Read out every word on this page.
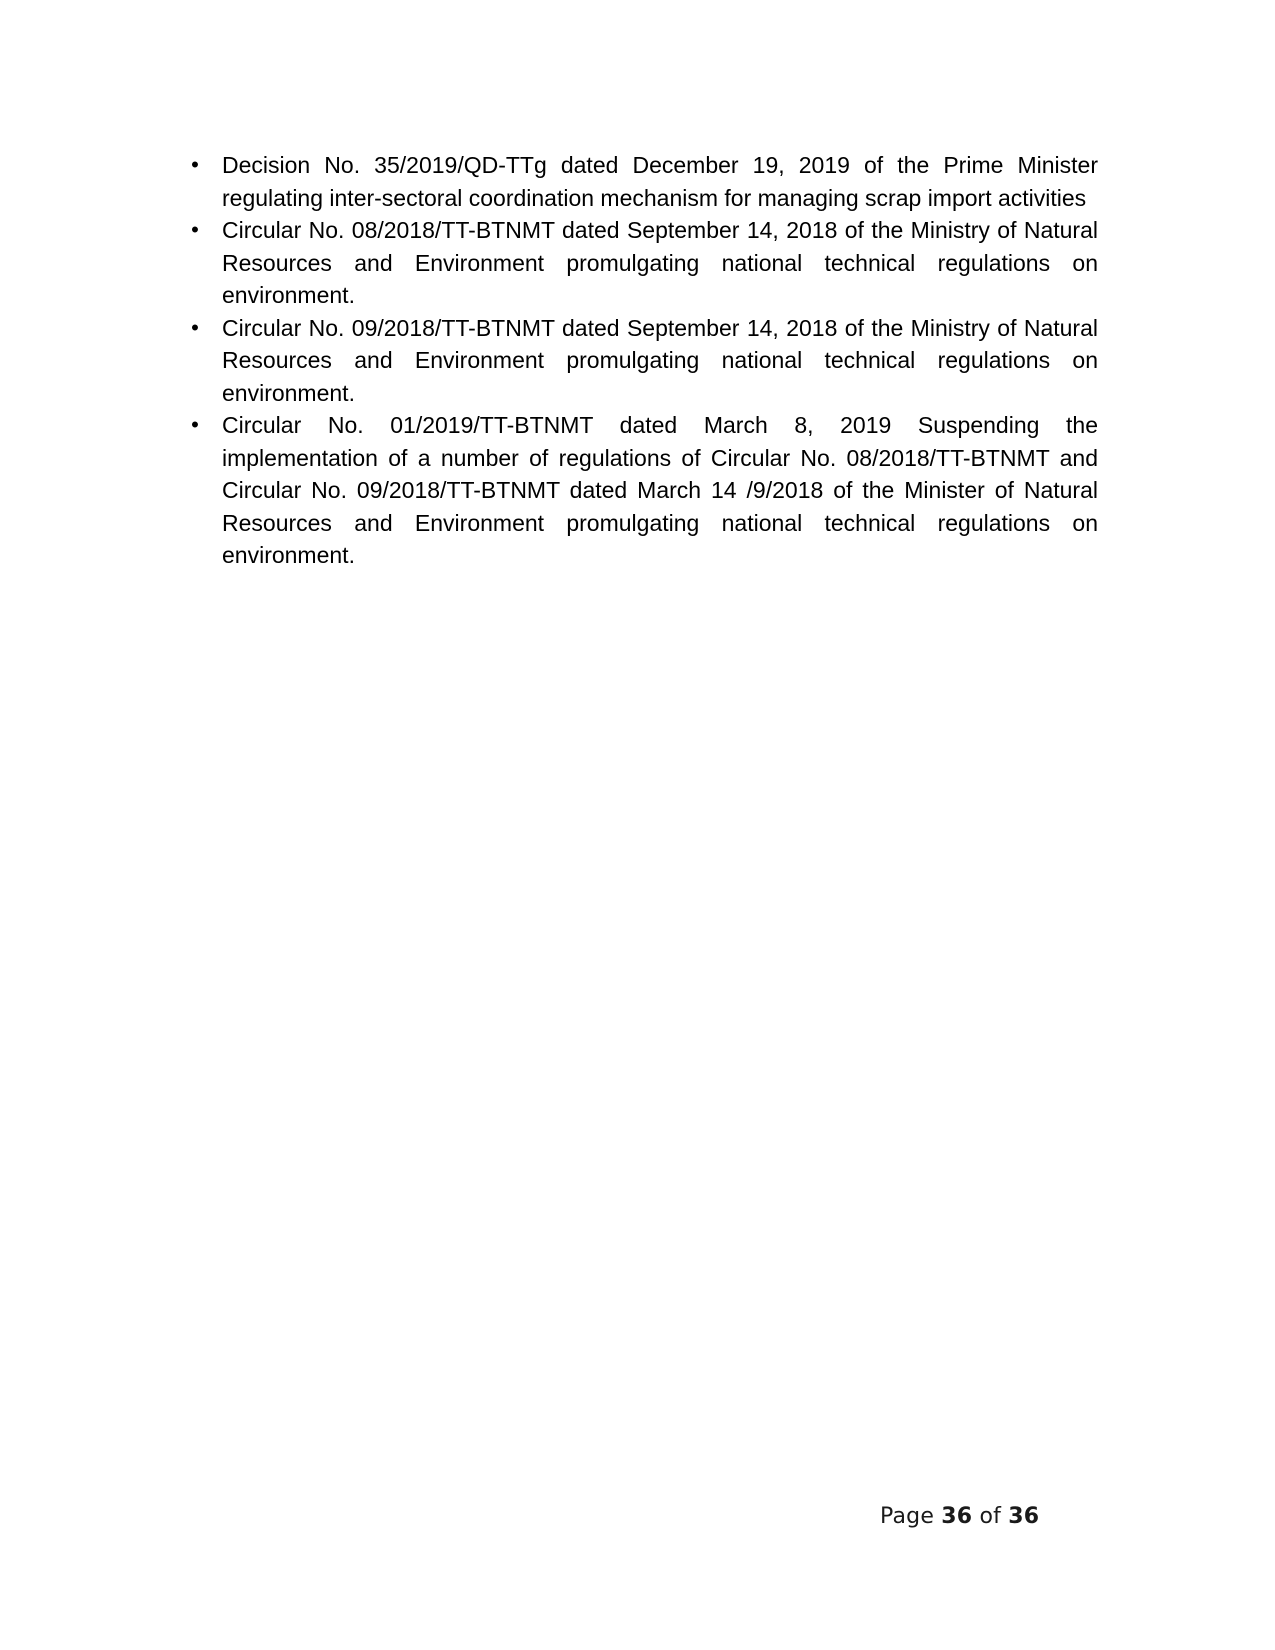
• Decision No. 35/2019/QD-TTg dated December 19, 2019 of the Prime Minister regulating inter-sectoral coordination mechanism for managing scrap import activities
• Circular No. 08/2018/TT-BTNMT dated September 14, 2018 of the Ministry of Natural Resources and Environment promulgating national technical regulations on environment.
• Circular No. 09/2018/TT-BTNMT dated September 14, 2018 of the Ministry of Natural Resources and Environment promulgating national technical regulations on environment.
• Circular No. 01/2019/TT-BTNMT dated March 8, 2019 Suspending the implementation of a number of regulations of Circular No. 08/2018/TT-BTNMT and Circular No. 09/2018/TT-BTNMT dated March 14 /9/2018 of the Minister of Natural Resources and Environment promulgating national technical regulations on environment.
Page 36 of 36
